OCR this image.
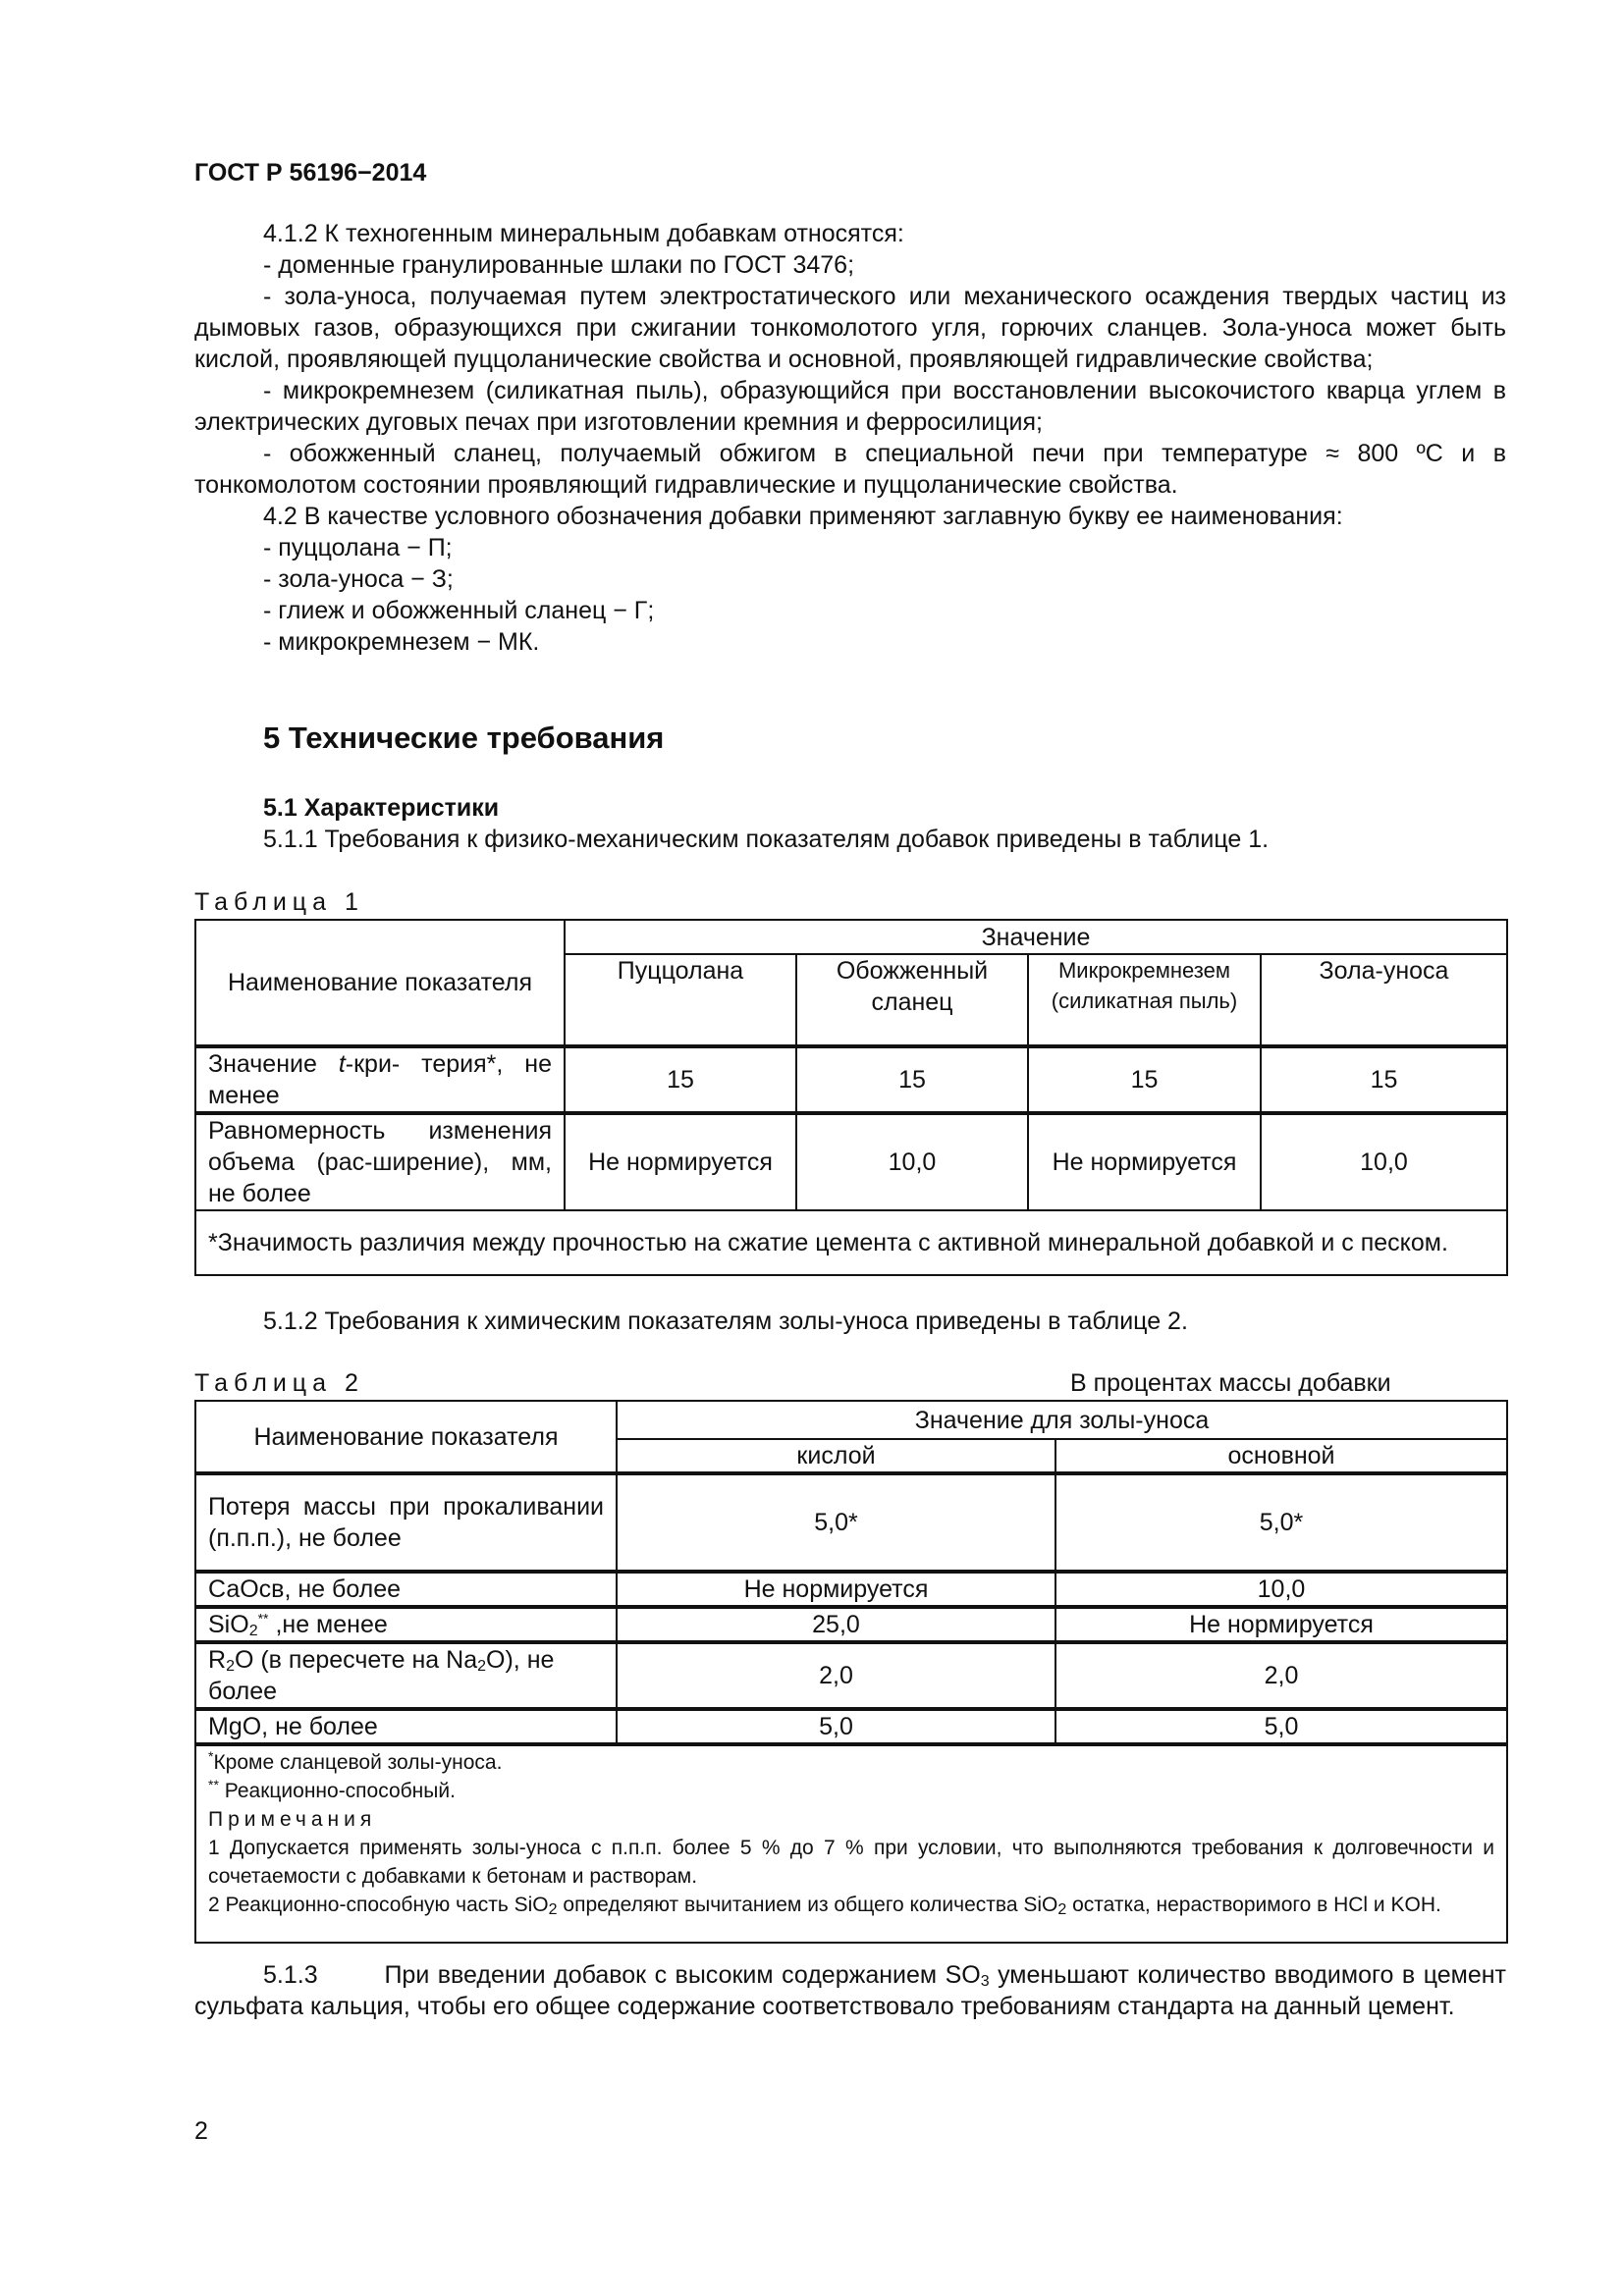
ГОСТ Р 56196−2014

4.1.2 К техногенным минеральным добавкам относятся:

- доменные гранулированные шлаки по ГОСТ 3476;

- зола-уноса, получаемая путем электростатического или механического осаждения твердых частиц из дымовых газов, образующихся при сжигании тонкомолотого угля, горючих сланцев. Зола-уноса может быть кислой, проявляющей пуццоланические свойства и основной, проявляющей гидравлические свойства;

- микрокремнезем (силикатная пыль), образующийся при восстановлении высокочистого кварца углем в электрических дуговых печах при изготовлении кремния и ферросилиция;

- обожженный сланец, получаемый обжигом в специальной печи при температуре ≈ 800 ºС и в тонкомолотом состоянии проявляющий гидравлические и пуццоланические свойства.

4.2 В качестве условного обозначения добавки применяют заглавную букву ее наименования:

- пуццолана − П;

- зола-уноса − З;

- глиеж и обожженный сланец − Г;

- микрокремнезем − МК.

5 Технические требования
5.1 Характеристики
5.1.1 Требования к физико-механическим показателям добавок приведены в таблице 1.
Таблица 1
Наименование показателя	Значение			
	Пуццолана	Обожженный сланец	Микрокремнезем (силикатная пыль)	Зола-уноса
Значение t-кри- терия*, не менее	15	15	15	15
Равномерность изменения объема (рас-ширение), мм, не более	Не нормируется	10,0	Не нормируется	10,0
*Значимость различия между прочностью на сжатие цемента с активной минеральной добавкой и с песком.				
5.1.2 Требования к химическим показателям золы-уноса приведены в таблице 2.
Таблица 2	В процентах массы добавки
Наименование показателя	Значение для золы-уноса	
	кислой	основной
Потеря массы при прокаливании (п.п.п.), не более	5,0*	5,0*
СаОсв, не более	Не нормируется	10,0
SiO$_2$** ,не менее	25,0	Не нормируется
$R_2O$ (в пересчете на $Na_2O$), не более	2,0	2,0
MgO, не более	5,0	5,0

*Кроме сланцевой золы-уноса.
** Реакционно-способный.
Примечания
1 Допускается применять золы-уноса с п.п.п. более 5 % до 7 % при условии, что выполняются требования к долговечности и сочетаемости с добавками к бетонам и растворам.
2 Реакционно-способную часть SiO$_2$ определяют вычитанием из общего количества SiO$_2$ остатка, нерастворимого в HCl и KOH.		
5.1.3        При введении добавок с высоким содержанием $SO_3$ уменьшают количество вводимого в цемент сульфата кальция, чтобы его общее содержание соответствовало требованиям стандарта на данный цемент.
2
